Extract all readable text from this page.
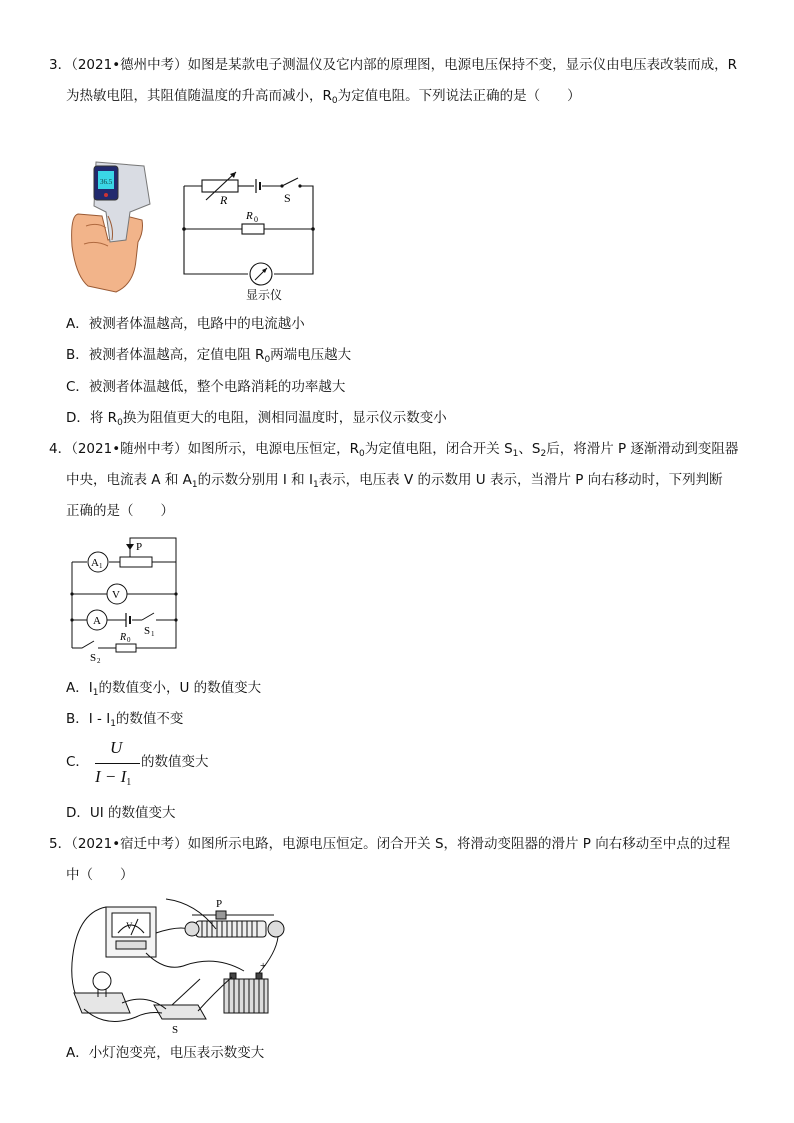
3．（2021•德州中考）如图是某款电子测温仪及它内部的原理图，电源电压保持不变，显示仪由电压表改装而成，R
为热敏电阻，其阻值随温度的升高而减小，$R_0$为定值电阻。下列说法正确的是（　　）
36.5
R	S
R 0
显示仪
A．被测者体温越高，电路中的电流越小
B．被测者体温越高，定值电阻 $R_0$两端电压越大
C．被测者体温越低，整个电路消耗的功率越大
D．将 $R_0$换为阻值更大的电阻，测相同温度时，显示仪示数变小
4．（2021•随州中考）如图所示，电源电压恒定，$R_0$为定值电阻，闭合开关 $S_1$、$S_2$后，将滑片 P 逐渐滑动到变阻器
中央，电流表 A 和 $A_1$的示数分别用 I 和 $I_1$表示，电压表 V 的示数用 U 表示，当滑片 P 向右移动时，下列判断
正确的是（　　）
A 1
P
V
A
S 1
R 0
S 2
A．$I_1$的数值变小，U 的数值变大
B．I - $I_1$的数值不变
C．
U
$I - I_1$
的数值变大
D．UI 的数值变大
5．（2021•宿迁中考）如图所示电路，电源电压恒定。闭合开关 S，将滑动变阻器的滑片 P 向右移动至中点的过程
中（　　）
V
P
+
S
A．小灯泡变亮，电压表示数变大
